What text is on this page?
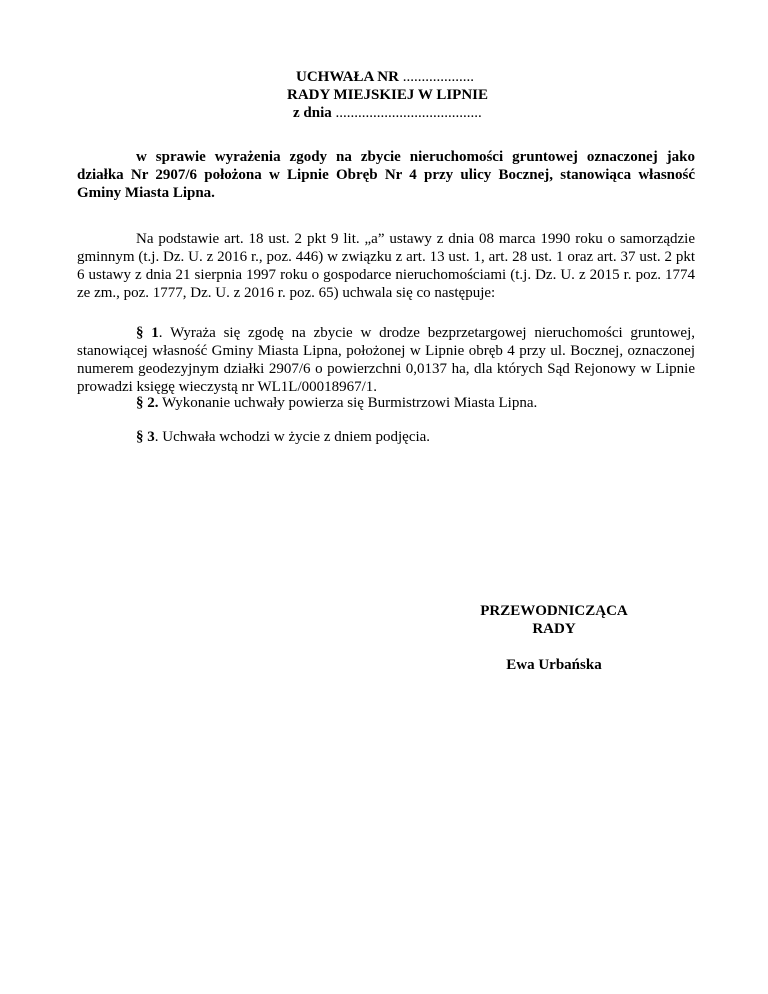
UCHWAŁA NR ...................
RADY MIEJSKIEJ W LIPNIE
z dnia .......................................
w sprawie wyrażenia zgody na zbycie nieruchomości gruntowej oznaczonej jako działka Nr 2907/6 położona w Lipnie Obręb Nr 4 przy ulicy Bocznej, stanowiąca własność Gminy Miasta Lipna.
Na podstawie art. 18 ust. 2 pkt 9 lit. „a” ustawy z dnia 08 marca 1990 roku o samorządzie gminnym (t.j. Dz. U. z 2016 r., poz. 446) w związku z art. 13 ust. 1, art. 28 ust. 1 oraz art. 37 ust. 2 pkt 6 ustawy z dnia 21 sierpnia 1997 roku o gospodarce nieruchomościami (t.j. Dz. U. z 2015 r. poz. 1774 ze zm., poz. 1777, Dz. U. z 2016 r. poz. 65) uchwala się co następuje:
§ 1. Wyraża się zgodę na zbycie w drodze bezprzetargowej nieruchomości gruntowej, stanowiącej własność Gminy Miasta Lipna, położonej w Lipnie obręb 4 przy ul. Bocznej, oznaczonej numerem geodezyjnym działki 2907/6 o powierzchni 0,0137 ha, dla których Sąd Rejonowy w Lipnie prowadzi księgę wieczystą nr WL1L/00018967/1.
§ 2. Wykonanie uchwały powierza się Burmistrzowi Miasta Lipna.
§ 3. Uchwała wchodzi w życie z dniem podjęcia.
PRZEWODNICZĄCA
RADY
Ewa Urbańska
